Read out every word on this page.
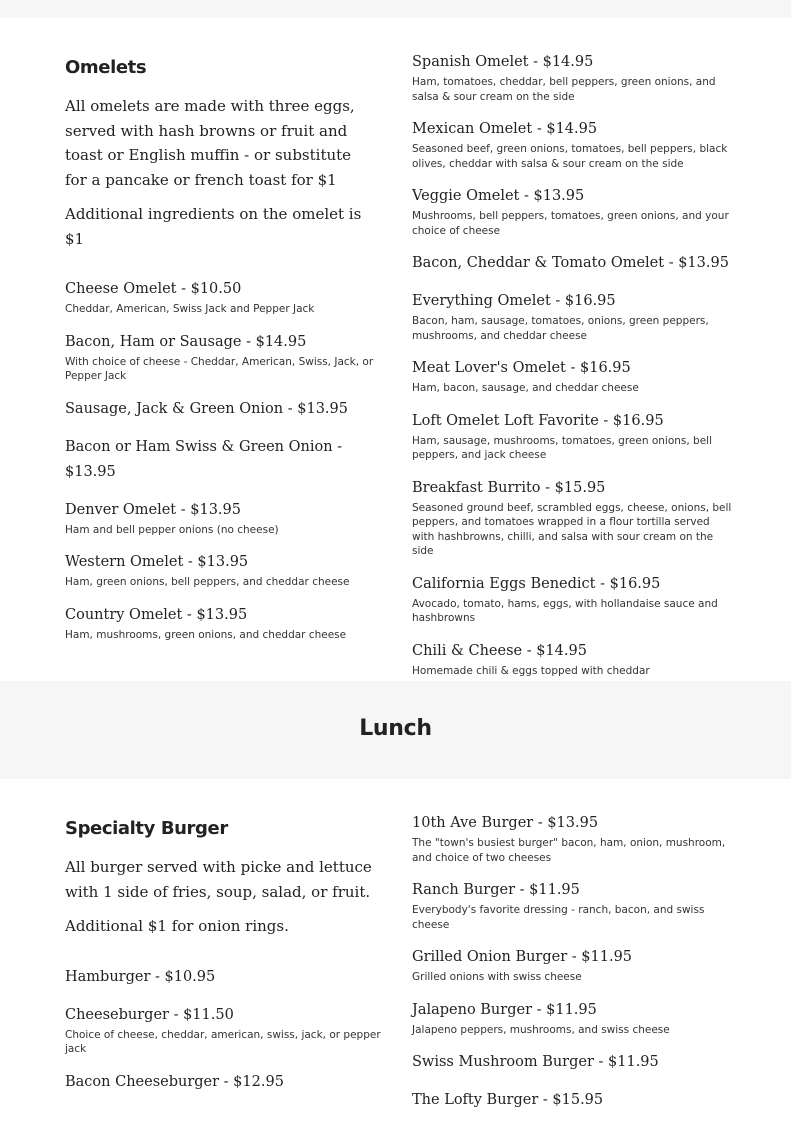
Omelets
All omelets are made with three eggs, served with hash browns or fruit and toast or English muffin - or substitute for a pancake or french toast for $1
Additional ingredients on the omelet is $1
Cheese Omelet - $10.50
Cheddar, American, Swiss Jack and Pepper Jack
Bacon, Ham or Sausage - $14.95
With choice of cheese - Cheddar, American, Swiss, Jack, or Pepper Jack
Sausage, Jack & Green Onion - $13.95
Bacon or Ham Swiss & Green Onion - $13.95
Denver Omelet - $13.95
Ham and bell pepper onions (no cheese)
Western Omelet - $13.95
Ham, green onions, bell peppers, and cheddar cheese
Country Omelet - $13.95
Ham, mushrooms, green onions, and cheddar cheese
Spanish Omelet - $14.95
Ham, tomatoes, cheddar, bell peppers, green onions, and salsa & sour cream on the side
Mexican Omelet - $14.95
Seasoned beef, green onions, tomatoes, bell peppers, black olives, cheddar with salsa & sour cream on the side
Veggie Omelet - $13.95
Mushrooms, bell peppers, tomatoes, green onions, and your choice of cheese
Bacon, Cheddar & Tomato Omelet - $13.95
Everything Omelet - $16.95
Bacon, ham, sausage, tomatoes, onions, green peppers, mushrooms, and cheddar cheese
Meat Lover's Omelet - $16.95
Ham, bacon, sausage, and cheddar cheese
Loft Omelet Loft Favorite - $16.95
Ham, sausage, mushrooms, tomatoes, green onions, bell peppers, and jack cheese
Breakfast Burrito - $15.95
Seasoned ground beef, scrambled eggs, cheese, onions, bell peppers, and tomatoes wrapped in a flour tortilla served with hashbrowns, chilli, and salsa with sour cream on the side
California Eggs Benedict - $16.95
Avocado, tomato, hams, eggs, with hollandaise sauce and hashbrowns
Chili & Cheese - $14.95
Homemade chili & eggs topped with cheddar
Lunch
Specialty Burger
All burger served with picke and lettuce with 1 side of fries, soup, salad, or fruit.
Additional $1 for onion rings.
Hamburger - $10.95
Cheeseburger - $11.50
Choice of cheese, cheddar, american, swiss, jack, or pepper jack
Bacon Cheeseburger - $12.95
10th Ave Burger - $13.95
The "town's busiest burger" bacon, ham, onion, mushroom, and choice of two cheeses
Ranch Burger - $11.95
Everybody's favorite dressing - ranch, bacon, and swiss cheese
Grilled Onion Burger - $11.95
Grilled onions with swiss cheese
Jalapeno Burger - $11.95
Jalapeno peppers, mushrooms, and swiss cheese
Swiss Mushroom Burger - $11.95
The Lofty Burger - $15.95
